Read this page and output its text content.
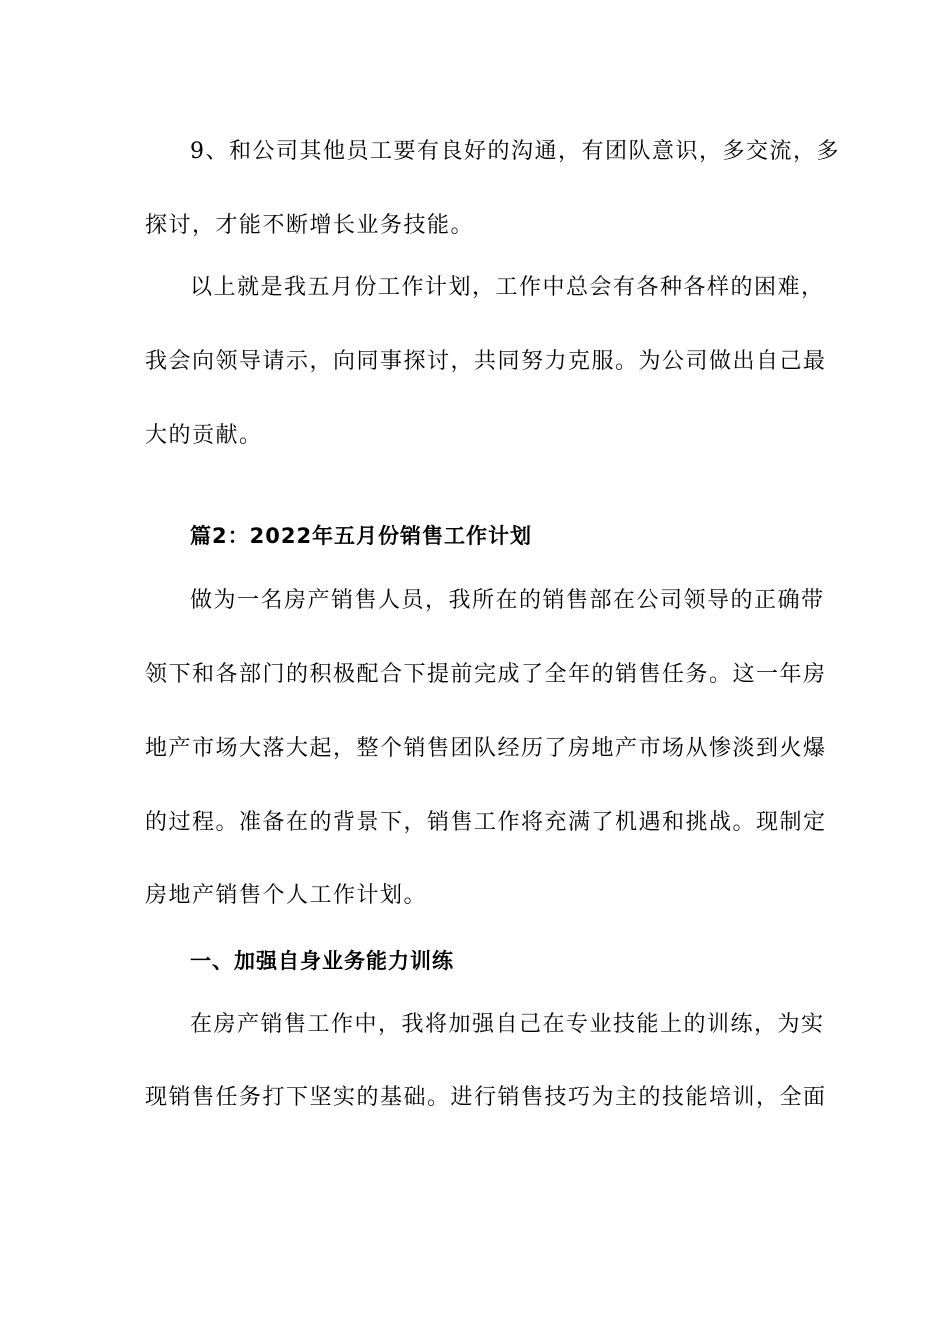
9、和公司其他员工要有良好的沟通，有团队意识，多交流，多
探讨，才能不断增长业务技能。
以上就是我五月份工作计划，工作中总会有各种各样的困难，
我会向领导请示，向同事探讨，共同努力克服。为公司做出自己最
大的贡献。
篇2：2022年五月份销售工作计划
做为一名房产销售人员，我所在的销售部在公司领导的正确带
领下和各部门的积极配合下提前完成了全年的销售任务。这一年房
地产市场大落大起，整个销售团队经历了房地产市场从惨淡到火爆
的过程。准备在的背景下，销售工作将充满了机遇和挑战。现制定
房地产销售个人工作计划。
一、加强自身业务能力训练
在房产销售工作中，我将加强自己在专业技能上的训练，为实
现销售任务打下坚实的基础。进行销售技巧为主的技能培训，全面
